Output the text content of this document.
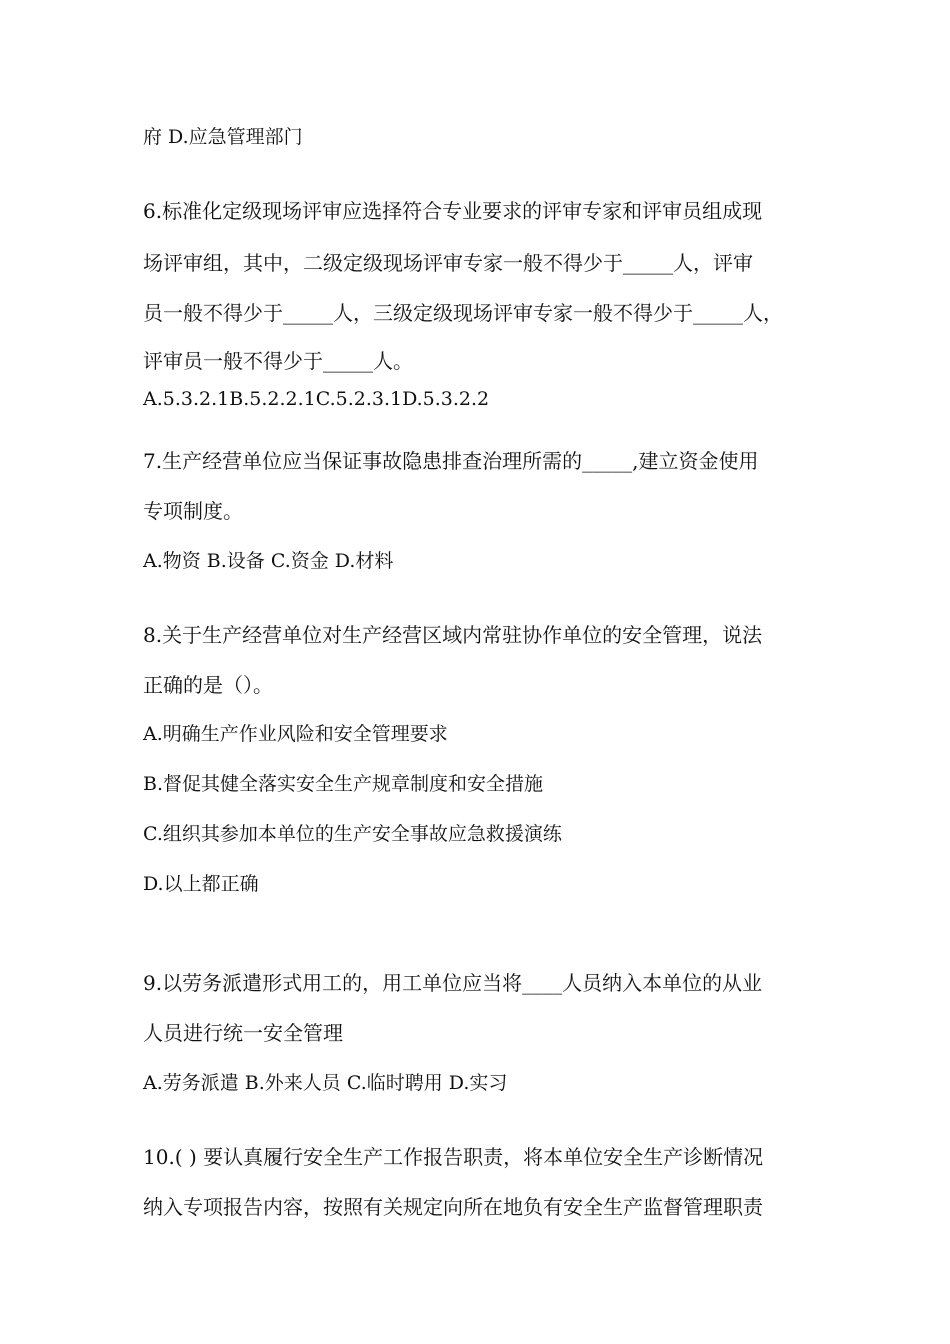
府 D.应急管理部门
6.标准化定级现场评审应选择符合专业要求的评审专家和评审员组成现
场评审组，其中，二级定级现场评审专家一般不得少于_____人，评审
员一般不得少于_____人，三级定级现场评审专家一般不得少于_____人，
评审员一般不得少于_____人。
A.5.3.2.1B.5.2.2.1C.5.2.3.1D.5.3.2.2
7.生产经营单位应当保证事故隐患排查治理所需的_____,建立资金使用
专项制度。
A.物资 B.设备 C.资金 D.材料
8.关于生产经营单位对生产经营区域内常驻协作单位的安全管理，说法
正确的是（）。
A.明确生产作业风险和安全管理要求
B.督促其健全落实安全生产规章制度和安全措施
C.组织其参加本单位的生产安全事故应急救援演练
D.以上都正确
9.以劳务派遣形式用工的，用工单位应当将____人员纳入本单位的从业
人员进行统一安全管理
A.劳务派遣 B.外来人员 C.临时聘用 D.实习
10.( ) 要认真履行安全生产工作报告职责，将本单位安全生产诊断情况
纳入专项报告内容，按照有关规定向所在地负有安全生产监督管理职责
